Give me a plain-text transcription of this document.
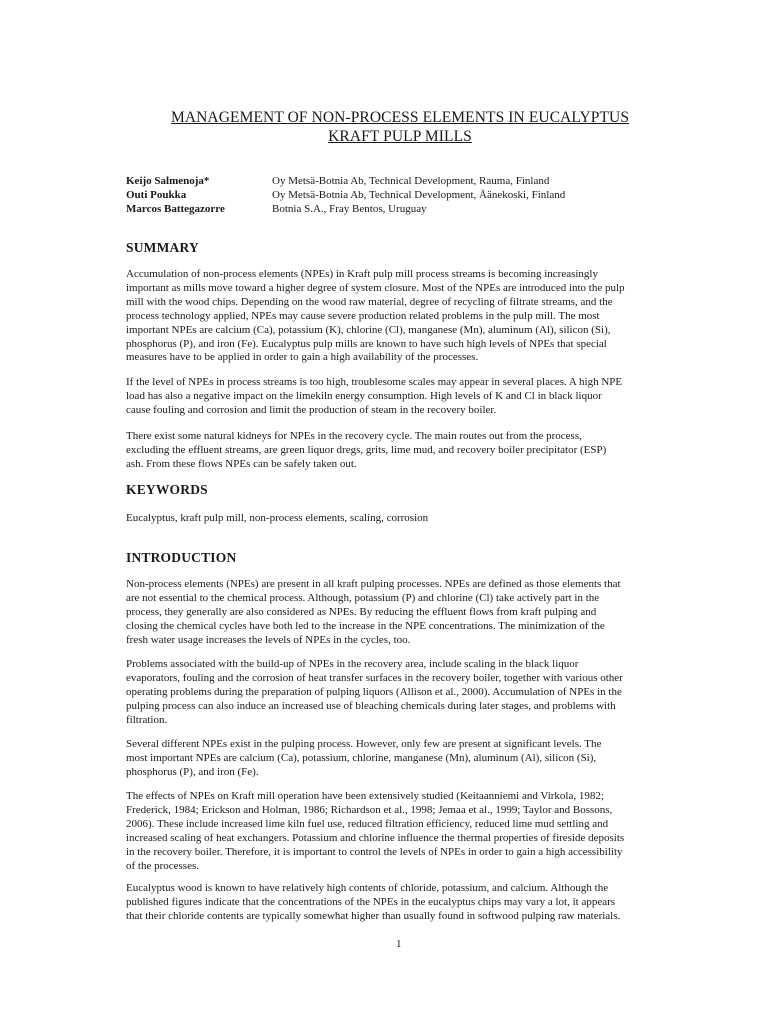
MANAGEMENT OF NON-PROCESS ELEMENTS IN EUCALYPTUS
KRAFT PULP MILLS
Keijo Salmenoja*	Oy Metsä-Botnia Ab, Technical Development, Rauma, Finland
Outi Poukka	Oy Metsä-Botnia Ab, Technical Development, Äänekoski, Finland
Marcos Battegazorre	Botnia S.A., Fray Bentos, Uruguay
SUMMARY
Accumulation of non-process elements (NPEs) in Kraft pulp mill process streams is becoming increasingly
important as mills move toward a higher degree of system closure. Most of the NPEs are introduced into the pulp
mill with the wood chips. Depending on the wood raw material, degree of recycling of filtrate streams, and the
process technology applied, NPEs may cause severe production related problems in the pulp mill. The most
important NPEs are calcium (Ca), potassium (K), chlorine (Cl), manganese (Mn), aluminum (Al), silicon (Si),
phosphorus (P), and iron (Fe). Eucalyptus pulp mills are known to have such high levels of NPEs that special
measures have to be applied in order to gain a high availability of the processes.
If the level of NPEs in process streams is too high, troublesome scales may appear in several places. A high NPE
load has also a negative impact on the limekiln energy consumption. High levels of K and Cl in black liquor
cause fouling and corrosion and limit the production of steam in the recovery boiler.
There exist some natural kidneys for NPEs in the recovery cycle. The main routes out from the process,
excluding the effluent streams, are green liquor dregs, grits, lime mud, and recovery boiler precipitator (ESP)
ash. From these flows NPEs can be safely taken out.
KEYWORDS
Eucalyptus, kraft pulp mill, non-process elements, scaling, corrosion
INTRODUCTION
Non-process elements (NPEs) are present in all kraft pulping processes. NPEs are defined as those elements that
are not essential to the chemical process. Although, potassium (P) and chlorine (Cl) take actively part in the
process, they generally are also considered as NPEs. By reducing the effluent flows from kraft pulping and
closing the chemical cycles have both led to the increase in the NPE concentrations. The minimization of the
fresh water usage increases the levels of NPEs in the cycles, too.
Problems associated with the build-up of NPEs in the recovery area, include scaling in the black liquor
evaporators, fouling and the corrosion of heat transfer surfaces in the recovery boiler, together with various other
operating problems during the preparation of pulping liquors (Allison et al., 2000). Accumulation of NPEs in the
pulping process can also induce an increased use of bleaching chemicals during later stages, and problems with
filtration.
Several different NPEs exist in the pulping process. However, only few are present at significant levels. The
most important NPEs are calcium (Ca), potassium, chlorine, manganese (Mn), aluminum (Al), silicon (Si),
phosphorus (P), and iron (Fe).
The effects of NPEs on Kraft mill operation have been extensively studied (Keitaanniemi and Virkola, 1982;
Frederick, 1984; Erickson and Holman, 1986; Richardson et al., 1998; Jemaa et al., 1999; Taylor and Bossons,
2006). These include increased lime kiln fuel use, reduced filtration efficiency, reduced lime mud settling and
increased scaling of heat exchangers. Potassium and chlorine influence the thermal properties of fireside deposits
in the recovery boiler. Therefore, it is important to control the levels of NPEs in order to gain a high accessibility
of the processes.
Eucalyptus wood is known to have relatively high contents of chloride, potassium, and calcium. Although the
published figures indicate that the concentrations of the NPEs in the eucalyptus chips may vary a lot, it appears
that their chloride contents are typically somewhat higher than usually found in softwood pulping raw materials.
1
